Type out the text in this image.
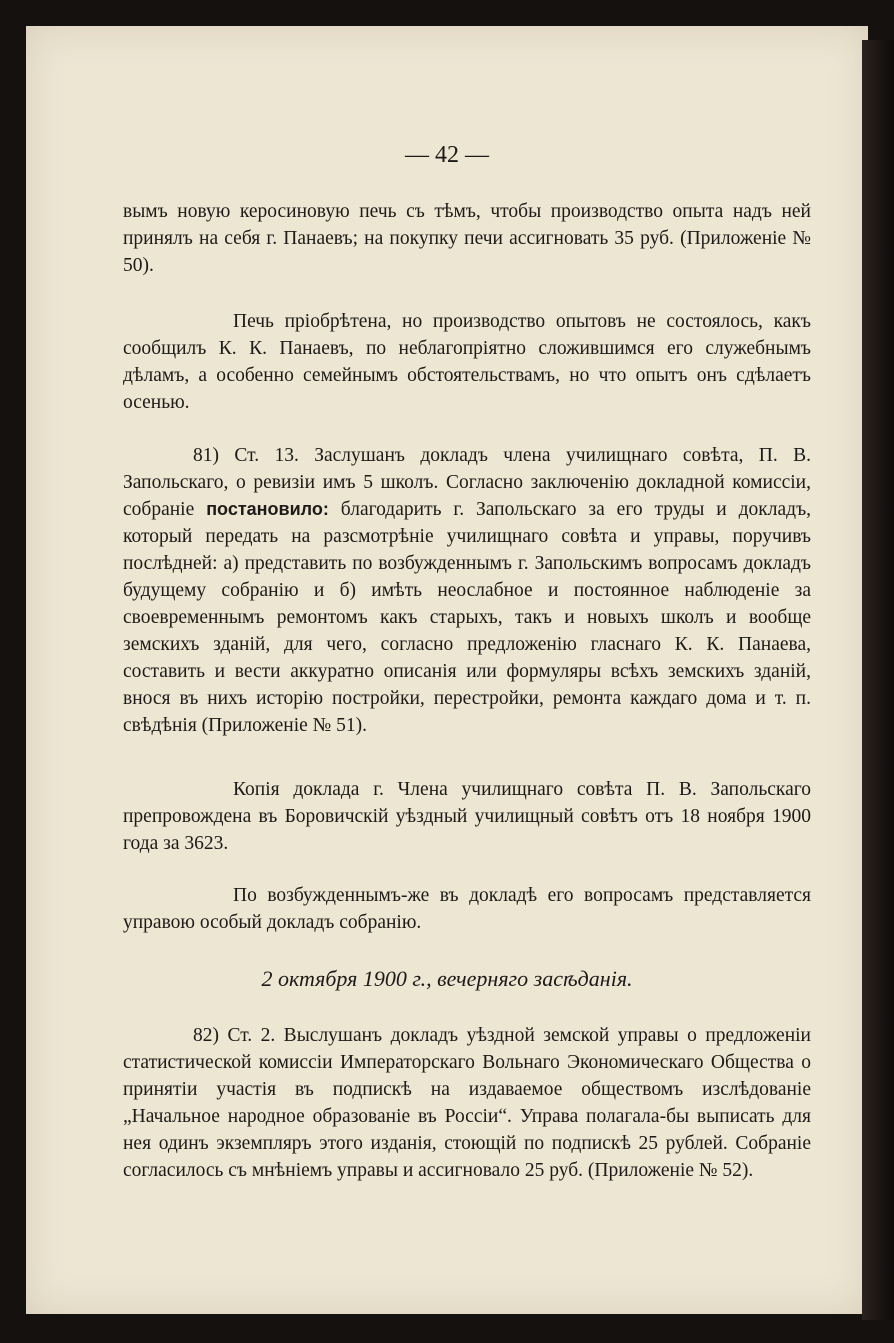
— 42 —

вымъ новую керосиновую печь съ тѣмъ, чтобы производство опыта надъ ней принялъ на себя г. Панаевъ; на покупку печи ассигновать 35 руб. (Приложеніе № 50).

Печь пріобрѣтена, но производство опытовъ не состоялось, какъ сообщилъ К. К. Панаевъ, по неблагопріятно сложившимся его служебнымъ дѣламъ, а особенно семейнымъ обстоятельствамъ, но что опытъ онъ сдѣлаетъ осенью.

81) Ст. 13. Заслушанъ докладъ члена училищнаго совѣта, П. В. Запольскаго, о ревизіи имъ 5 школъ. Согласно заключенію докладной комиссіи, собраніе постановило: благодарить г. Запольскаго за его труды и докладъ, который передать на разсмотрѣніе училищнаго совѣта и управы, поручивъ послѣдней: а) представить по возбужденнымъ г. Запольскимъ вопросамъ докладъ будущему собранію и б) имѣть неослабное и постоянное наблюденіе за своевременнымъ ремонтомъ какъ старыхъ, такъ и новыхъ школъ и вообще земскихъ зданій, для чего, согласно предложенію гласнаго К. К. Панаева, составить и вести аккуратно описанія или формуляры всѣхъ земскихъ зданій, внося въ нихъ исторію постройки, перестройки, ремонта каждаго дома и т. п. свѣдѣнія (Приложеніе № 51).

Копія доклада г. Члена училищнаго совѣта П. В. Запольскаго препровождена въ Боровичскій уѣздный училищный совѣтъ отъ 18 ноября 1900 года за 3623.

По возбужденнымъ-же въ докладѣ его вопросамъ представляется управою особый докладъ собранію.

2 октября 1900 г., вечерняго засѣданія.

82) Ст. 2. Выслушанъ докладъ уѣздной земской управы о предложеніи статистической комиссіи Императорскаго Вольнаго Экономическаго Общества о принятіи участія въ подпискѣ на издаваемое обществомъ изслѣдованіе „Начальное народное образованіе въ Россіи“. Управа полагала-бы выписать для нея одинъ экземпляръ этого изданія, стоющій по подпискѣ 25 рублей. Собраніе согласилось съ мнѣніемъ управы и ассигновало 25 руб. (Приложеніе № 52).
